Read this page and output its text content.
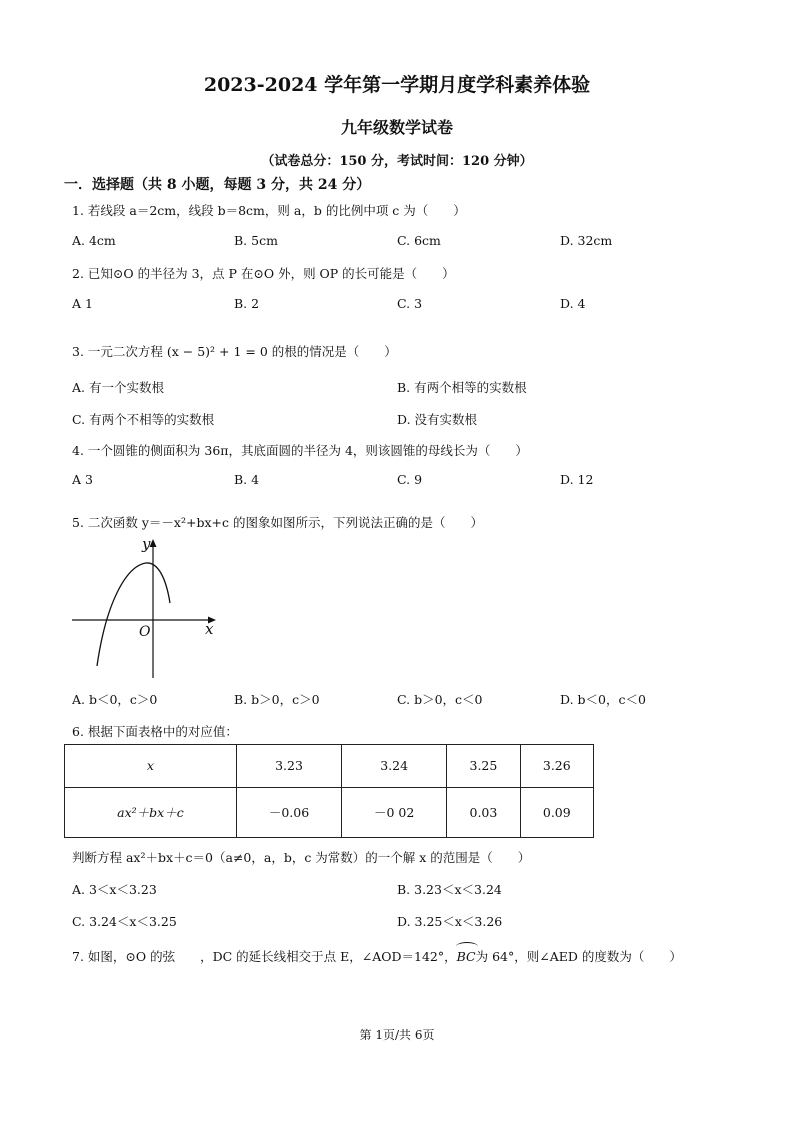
2023-2024 学年第一学期月度学科素养体验
九年级数学试卷
（试卷总分：150 分，考试时间：120 分钟）
一．选择题（共 8 小题，每题 3 分，共 24 分）
1. 若线段 a＝2cm，线段 b＝8cm，则 a，b 的比例中项 c 为（　　）
A. 4cm	B. 5cm	C. 6cm	D. 32cm
2. 已知⊙O 的半径为 3，点 P 在⊙O 外，则 OP 的长可能是（　　）
A 1	B. 2	C. 3	D. 4
3. 一元二次方程 (x − 5)² + 1 = 0 的根的情况是（　　）
A. 有一个实数根	B. 有两个相等的实数根
C. 有两个不相等的实数根	D. 没有实数根
4. 一个圆锥的侧面积为 36π，其底面圆的半径为 4，则该圆锥的母线长为（　　）
A 3	B. 4	C. 9	D. 12
5. 二次函数 y＝－x²+bx+c 的图象如图所示，下列说法正确的是（　　）
y
x
O
A. b＜0，c＞0	B. b＞0，c＞0	C. b＞0，c＜0	D. b＜0，c＜0
6. 根据下面表格中的对应值：
x	3.23	3.24	3.25	3.26
ax²＋bx＋c	－0.06	－0 02	0.03	0.09
判断方程 ax²＋bx＋c＝0（a≠0，a，b，c 为常数）的一个解 x 的范围是（　　）
A. 3＜x＜3.23	B. 3.23＜x＜3.24
C. 3.24＜x＜3.25	D. 3.25＜x＜3.26
7. 如图，⊙O 的弦　　，DC 的延长线相交于点 E，∠AOD＝142°，
BC为 64°，则∠AED 的度数为（　　）
第 1页/共 6页
